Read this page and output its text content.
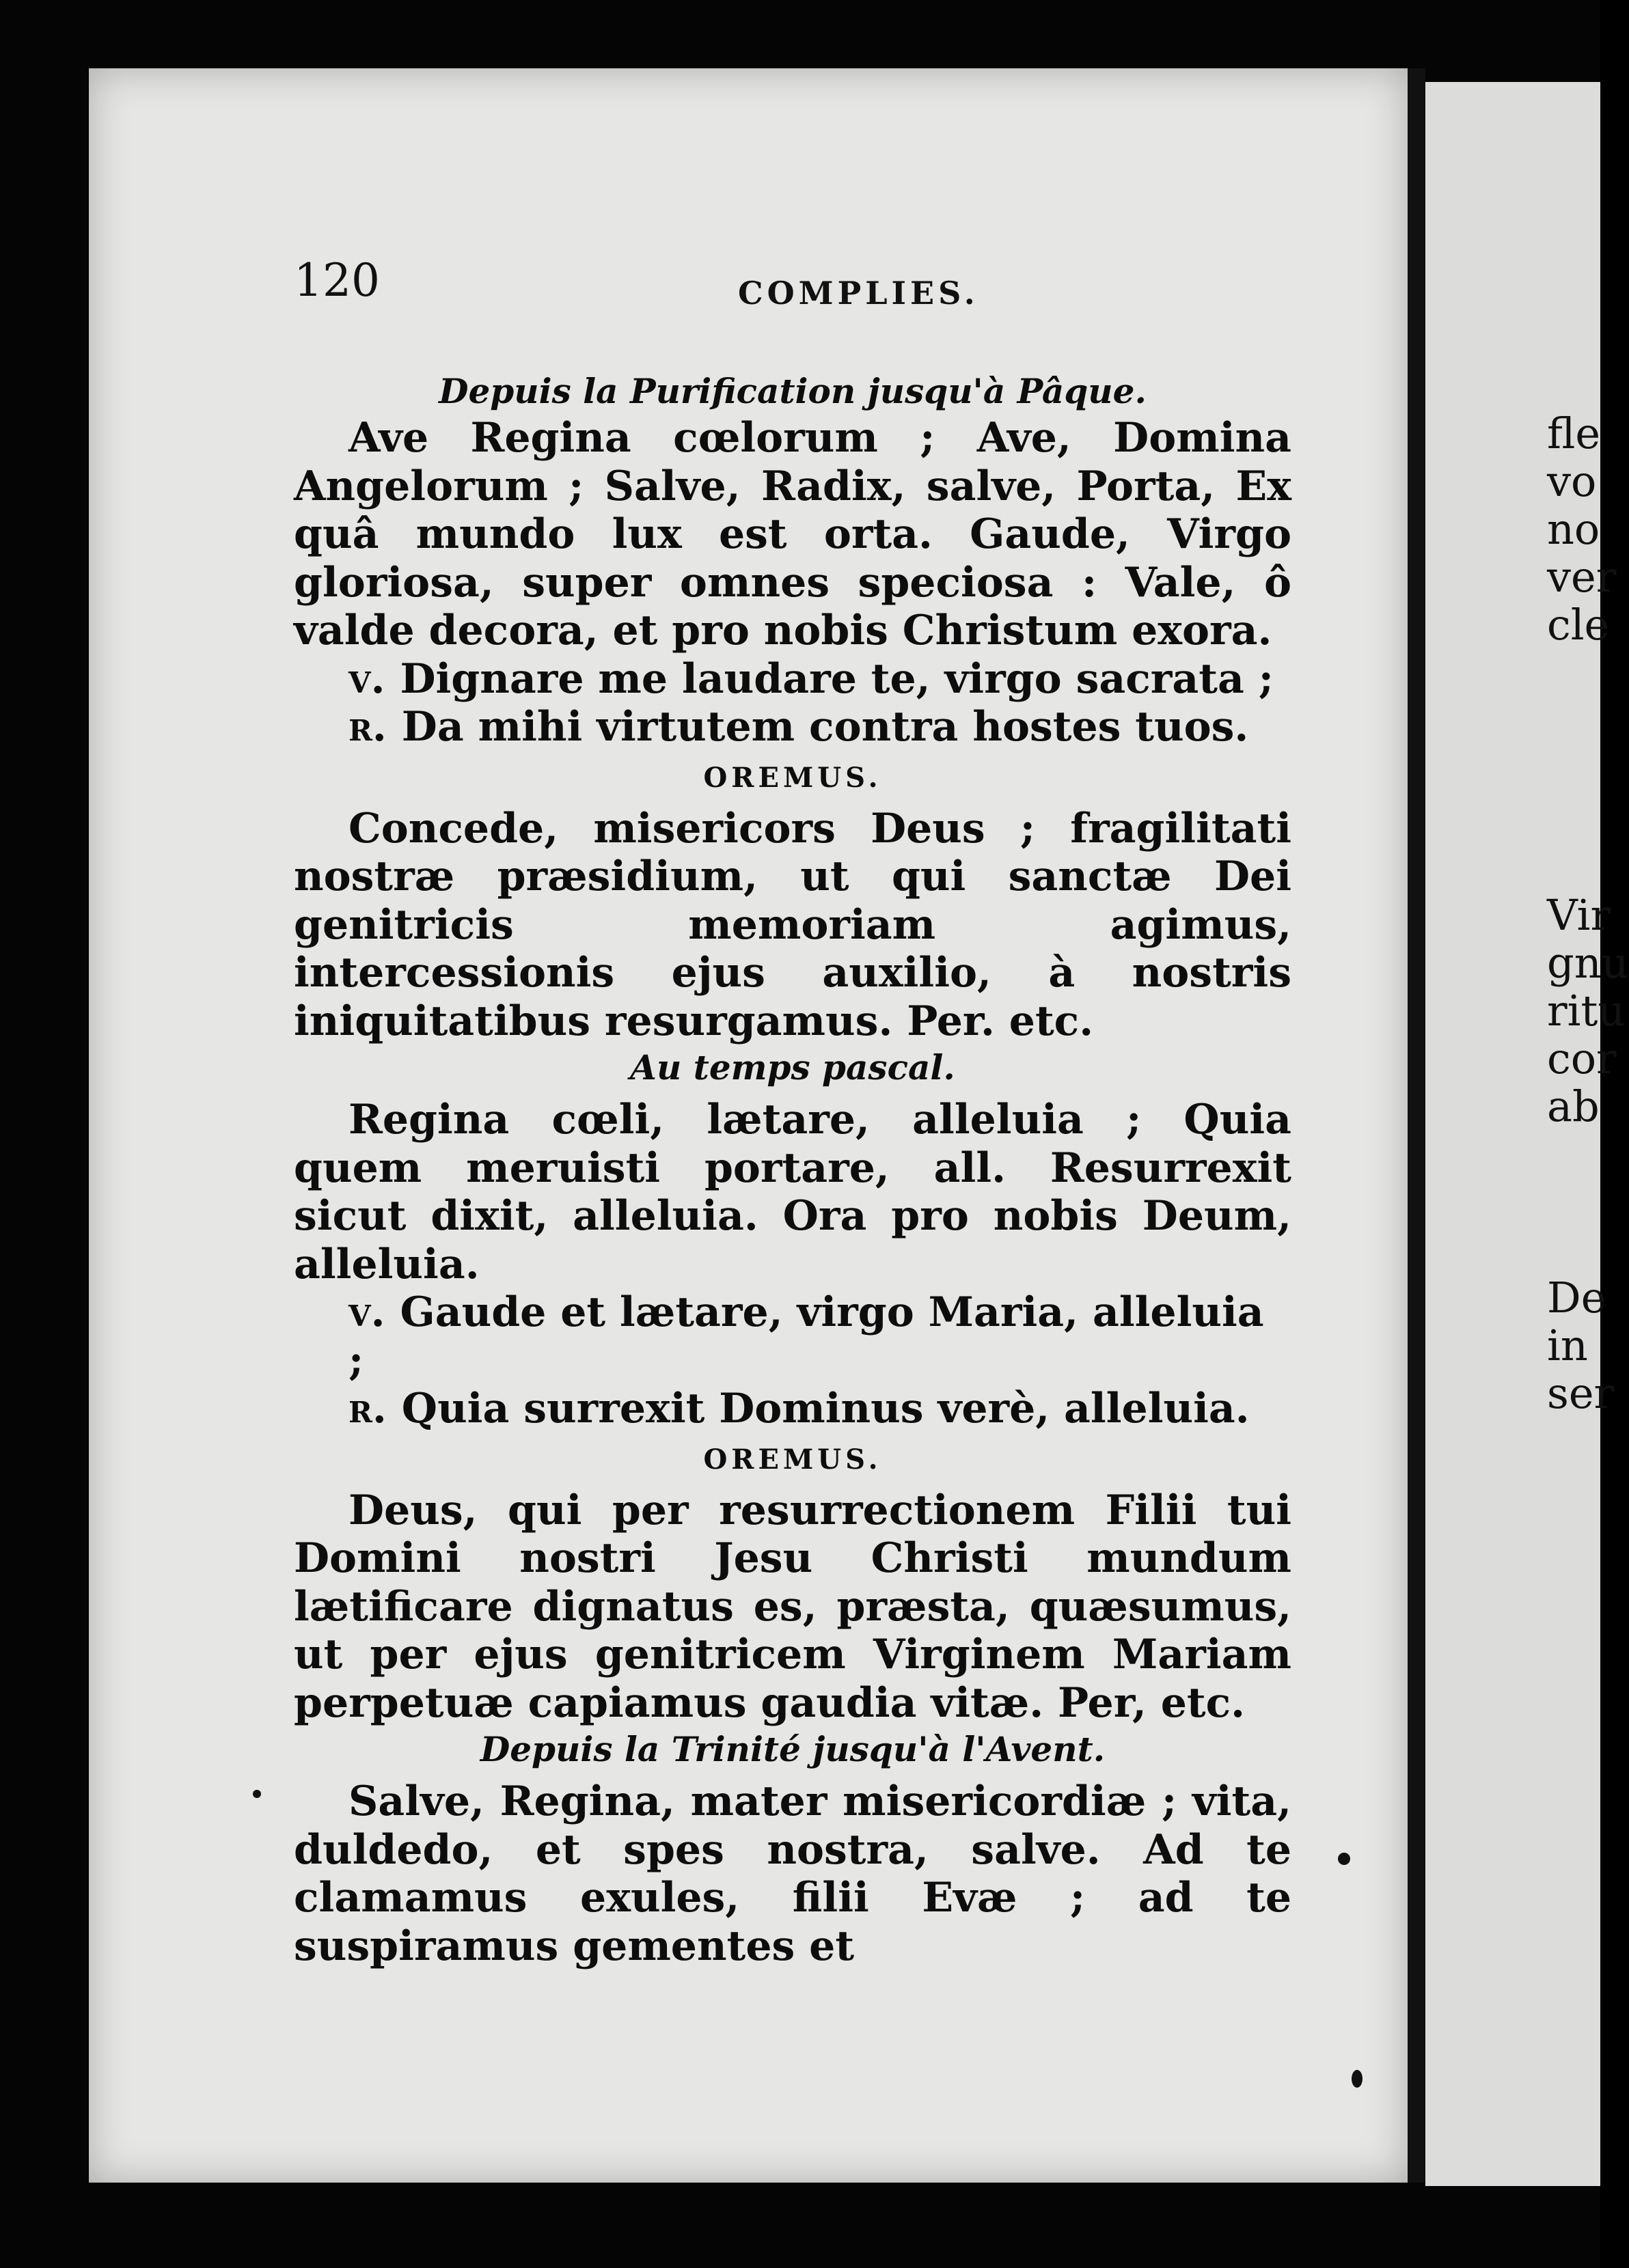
fle
vo
no
ver
cle
Vir
gnu
ritu
cor
ab
De
in
ser
120	COMPLIES.

Depuis la Purification jusqu'à Pâque.

Ave Regina cœlorum ; Ave, Domina Angelorum ; Salve, Radix, salve, Porta, Ex quâ mundo lux est orta. Gaude, Virgo gloriosa, super omnes speciosa : Vale, ô valde decora, et pro nobis Christum exora.

v. Dignare me laudare te, virgo sacrata ;

r. Da mihi virtutem contra hostes tuos.

OREMUS.

Concede, misericors Deus ; fragilitati nostræ præsidium, ut qui sanctæ Dei genitricis memoriam agimus, intercessionis ejus auxilio, à nostris iniquitatibus resurgamus. Per. etc.

Au temps pascal.

Regina cœli, lætare, alleluia ; Quia quem meruisti portare, all. Resurrexit sicut dixit, alleluia. Ora pro nobis Deum, alleluia.

v. Gaude et lætare, virgo Maria, alleluia ;

r. Quia surrexit Dominus verè, alleluia.

OREMUS.

Deus, qui per resurrectionem Filii tui Domini nostri Jesu Christi mundum lætificare dignatus es, præsta, quæsumus, ut per ejus genitricem Virginem Mariam perpetuæ capiamus gaudia vitæ. Per, etc.

Depuis la Trinité jusqu'à l'Avent.

Salve, Regina, mater misericordiæ ; vita, duldedo, et spes nostra, salve. Ad te clamamus exules, filii Evæ ; ad te suspiramus gementes et
